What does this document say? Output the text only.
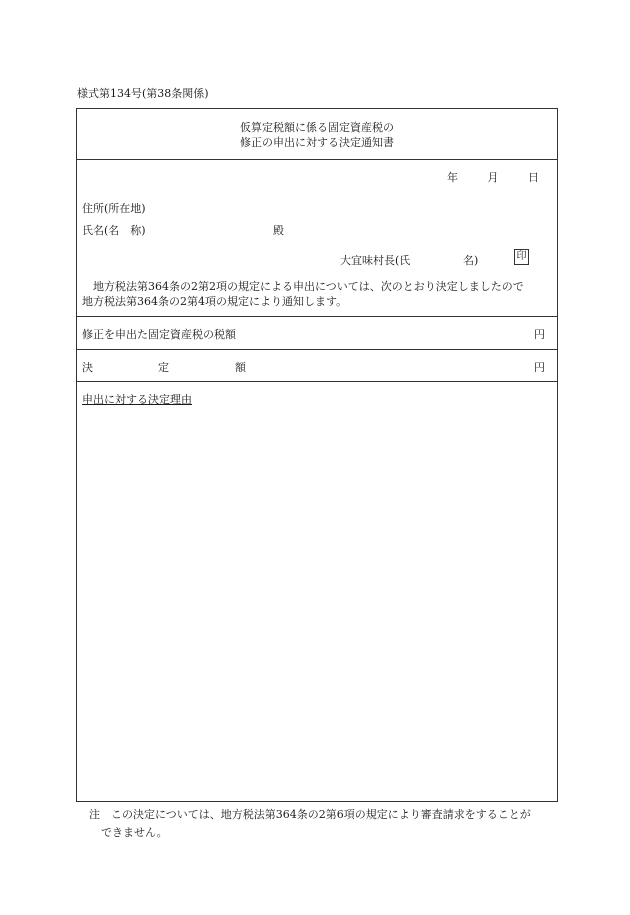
様式第134号(第38条関係)
仮算定税額に係る固定資産税の
修正の申出に対する決定通知書
年	月	日
住所(所在地)
氏名(名　称)	殿
大宜味村長(氏	名)	印
地方税法第364条の2第2項の規定による申出については、次のとおり決定しましたので
地方税法第364条の2第4項の規定により通知します。
修正を申出た固定資産税の税額	円
決	定	額	円
申出に対する決定理由
注　この決定については、地方税法第364条の2第6項の規定により審査請求をすることが
できません。
